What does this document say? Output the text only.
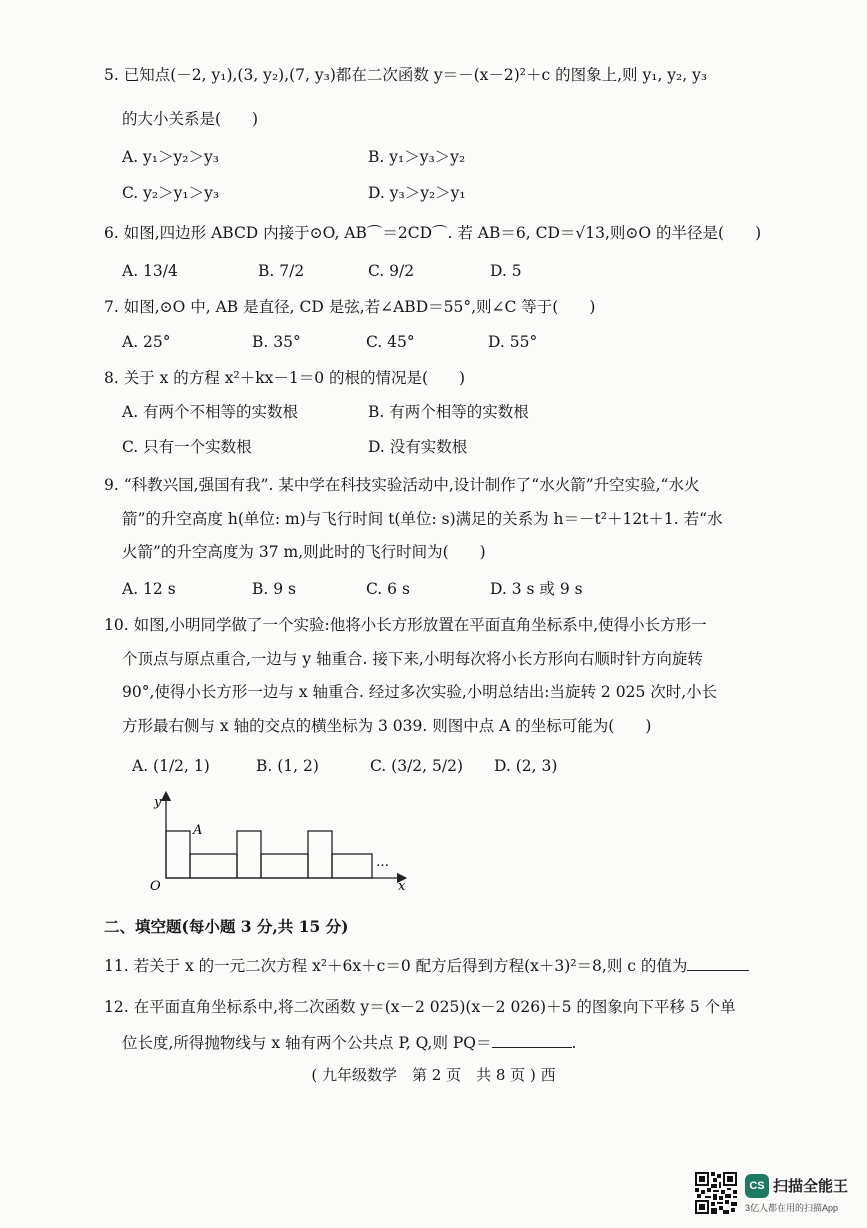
5. 已知点(－2, y₁),(3, y₂),(7, y₃)都在二次函数 y＝－(x－2)²＋c 的图象上,则 y₁, y₂, y₃
的大小关系是(　　)
A. y₁＞y₂＞y₃	B. y₁＞y₃＞y₂
C. y₂＞y₁＞y₃	D. y₃＞y₂＞y₁
6. 如图,四边形 ABCD 内接于⊙O, AB⌒＝2CD⌒. 若 AB＝6, CD＝√13,则⊙O 的半径是(　　)
A. 13/4	B. 7/2	C. 9/2	D. 5
7. 如图,⊙O 中, AB 是直径, CD 是弦,若∠ABD＝55°,则∠C 等于(　　)
A. 25°	B. 35°	C. 45°	D. 55°
8. 关于 x 的方程 x²＋kx－1＝0 的根的情况是(　　)
A. 有两个不相等的实数根	B. 有两个相等的实数根
C. 只有一个实数根	D. 没有实数根
9. “科教兴国,强国有我”. 某中学在科技实验活动中,设计制作了“水火箭”升空实验,“水火
箭”的升空高度 h(单位: m)与飞行时间 t(单位: s)满足的关系为 h＝－t²＋12t＋1. 若“水
火箭”的升空高度为 37 m,则此时的飞行时间为(　　)
A. 12 s	B. 9 s	C. 6 s	D. 3 s 或 9 s
10. 如图,小明同学做了一个实验:他将小长方形放置在平面直角坐标系中,使得小长方形一
个顶点与原点重合,一边与 y 轴重合. 接下来,小明每次将小长方形向右顺时针方向旋转
90°,使得小长方形一边与 x 轴重合. 经过多次实验,小明总结出:当旋转 2 025 次时,小长
方形最右侧与 x 轴的交点的横坐标为 3 039. 则图中点 A 的坐标可能为(　　)
A. (1/2, 1)	B. (1, 2)	C. (3/2, 5/2) D. (2, 3)
y
x
O
A
…
二、填空题(每小题 3 分,共 15 分)
11. 若关于 x 的一元二次方程 x²＋6x＋c＝0 配方后得到方程(x＋3)²＝8,则 c 的值为
12. 在平面直角坐标系中,将二次函数 y＝(x－2 025)(x－2 026)＋5 的图象向下平移 5 个单
位长度,所得抛物线与 x 轴有两个公共点 P, Q,则 PQ＝	.
( 九年级数学　第 2 页　共 8 页 ) 西
CS 扫描全能王
3亿人都在用的扫描App
